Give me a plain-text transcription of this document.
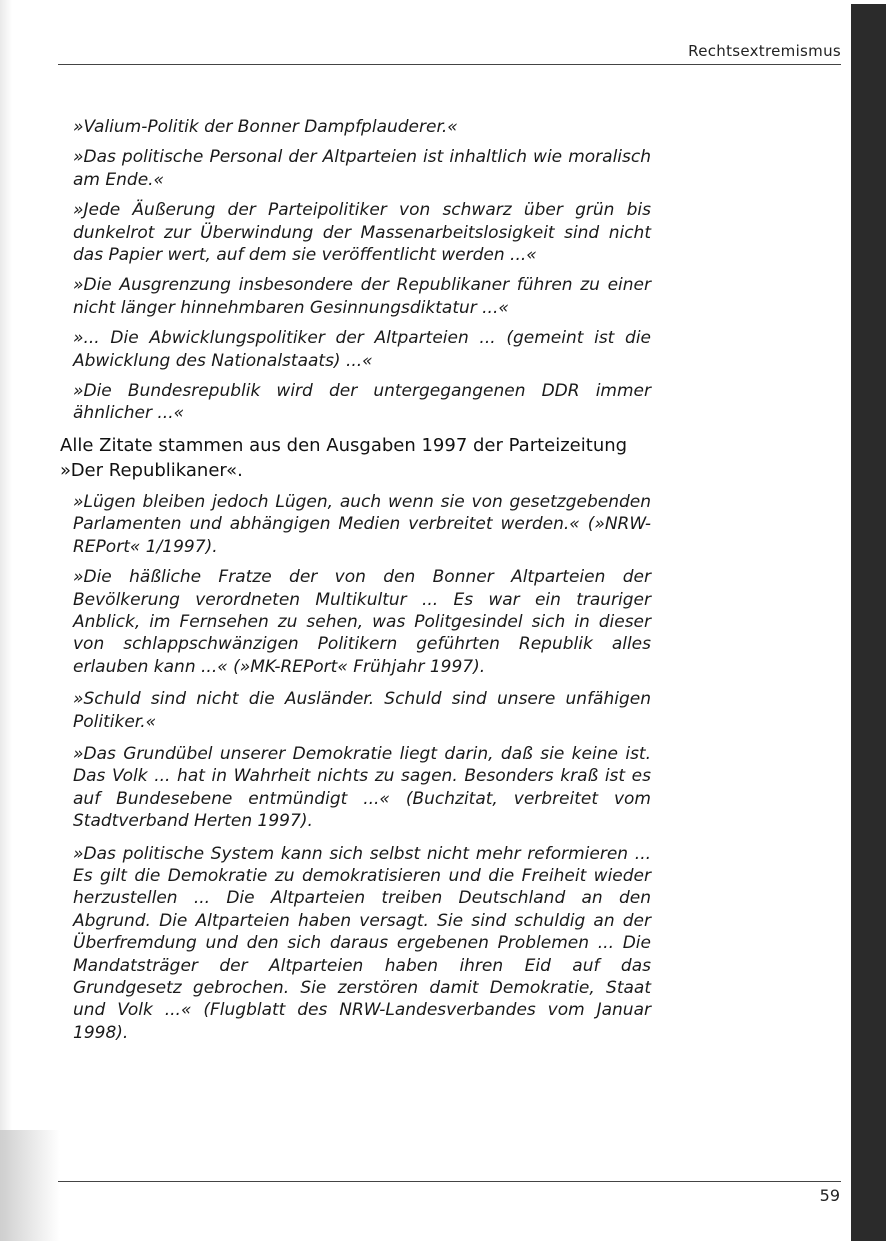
Rechtsextremismus

»Valium-Politik der Bonner Dampfplauderer.«

»Das politische Personal der Altparteien ist inhaltlich wie moralisch am Ende.«

»Jede Äußerung der Parteipolitiker von schwarz über grün bis dunkelrot zur Überwindung der Massenarbeitslosigkeit sind nicht das Papier wert, auf dem sie veröffentlicht werden ...«

»Die Ausgrenzung insbesondere der Republikaner führen zu einer nicht länger hinnehmbaren Gesinnungsdiktatur ...«

»... Die Abwicklungspolitiker der Altparteien ... (gemeint ist die Abwicklung des Nationalstaats) ...«

»Die Bundesrepublik wird der untergegangenen DDR immer ähnlicher ...«

Alle Zitate stammen aus den Ausgaben 1997 der Parteizeitung »Der Republikaner«.

»Lügen bleiben jedoch Lügen, auch wenn sie von gesetzgebenden Parlamenten und abhängigen Medien verbreitet werden.« (»NRW-REPort« 1/1997).

»Die häßliche Fratze der von den Bonner Altparteien der Bevölkerung verordneten Multikultur ... Es war ein trauriger Anblick, im Fernsehen zu sehen, was Politgesindel sich in dieser von schlappschwänzigen Politikern geführten Republik alles erlauben kann ...« (»MK-REPort« Frühjahr 1997).

»Schuld sind nicht die Ausländer. Schuld sind unsere unfähigen Politiker.«

»Das Grundübel unserer Demokratie liegt darin, daß sie keine ist. Das Volk ... hat in Wahrheit nichts zu sagen. Besonders kraß ist es auf Bundesebene entmündigt ...« (Buchzitat, verbreitet vom Stadtverband Herten 1997).

»Das politische System kann sich selbst nicht mehr reformieren ... Es gilt die Demokratie zu demokratisieren und die Freiheit wieder herzustellen ... Die Altparteien treiben Deutschland an den Abgrund. Die Altparteien haben versagt. Sie sind schuldig an der Überfremdung und den sich daraus ergebenen Problemen ... Die Mandatsträger der Altparteien haben ihren Eid auf das Grundgesetz gebrochen. Sie zerstören damit Demokratie, Staat und Volk ...« (Flugblatt des NRW-Landesverbandes vom Januar 1998).

59
